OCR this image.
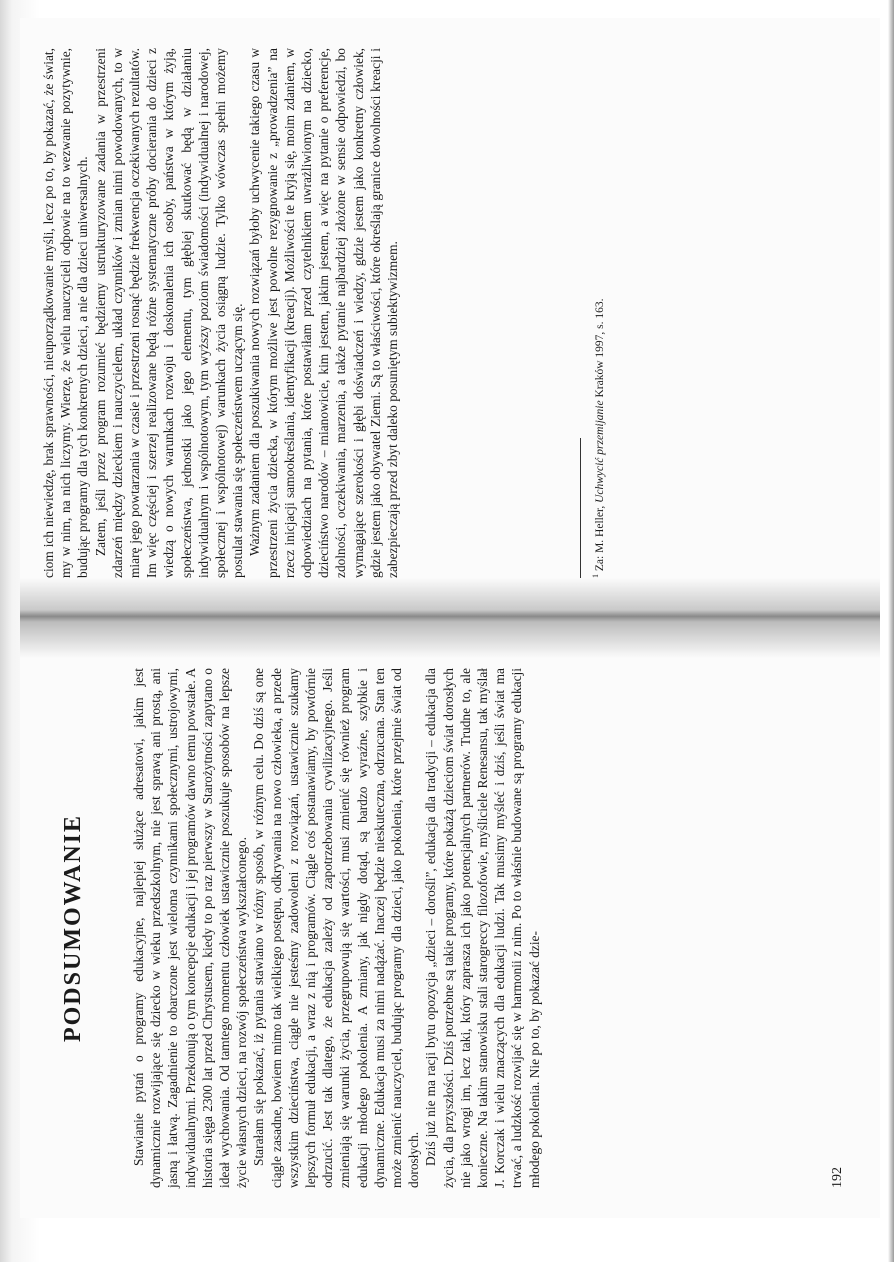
PODSUMOWANIE	Stawianie pytań o programy edukacyjne, najlepiej służące adresatowi, jakim jest dynamicznie rozwijające się dziecko w wieku przedszkolnym, nie jest sprawą ani prostą, ani jasną i łatwą. Zagadnienie to obarczone jest wieloma czynnikami społecznymi, ustrojowymi, indywidualnymi. Przekonują o tym koncepcje edukacji i jej programów dawno temu powstałe. A historia sięga 2300 lat przed Chrystusem, kiedy to po raz pierwszy w Starożytności zapytano o ideał wychowania. Od tamtego momentu człowiek ustawicznie poszukuje sposobów na lepsze życie własnych dzieci, na rozwój społeczeństwa wykształconego. Starałam się pokazać, iż pytania stawiano w różny sposób, w różnym celu. Do dziś są one ciągle zasadne, bowiem mimo tak wielkiego postępu, odkrywania na nowo człowieka, a przede wszystkim dzieciństwa, ciągle nie jesteśmy zadowoleni z rozwiązań, ustawicznie szukamy lepszych formuł edukacji, a wraz z nią i programów. Ciągle coś postanawiamy, by powtórnie odrzucić. Jest tak dlatego, że edukacja zależy od zapotrzebowania cywilizacyjnego. Jeśli zmieniają się warunki życia, przegrupowują się wartości, musi zmienić się również program edukacji młodego pokolenia. A zmiany, jak nigdy dotąd, są bardzo wyraźne, szybkie i dynamiczne. Edukacja musi za nimi nadążać. Inaczej będzie nieskuteczna, odrzucana. Stan ten może zmienić nauczyciel, budując programy dla dzieci, jako pokolenia, które przejmie świat od dorosłych. Dziś już nie ma racji bytu opozycja „dzieci – dorośli”, edukacja dla tradycji – edukacja dla życia, dla przyszłości. Dziś potrzebne są takie programy, które pokażą dzieciom świat dorosłych nie jako wrogi im, lecz taki, który zaprasza ich jako potencjalnych partnerów. Trudne to, ale konieczne. Na takim stanowisku stali starogreccy filozofowie, myśliciele Renesansu, tak myślał J. Korczak i wielu znaczących dla edukacji ludzi. Tak musimy myśleć i dziś, jeśli świat ma trwać, a ludzkość rozwijać się w harmonii z nim. Po to właśnie budowane są programy edukacji młodego pokolenia. Nie po to, by pokazać dzie-	192

ciom ich niewiedzę, brak sprawności, nieuporządkowanie myśli, lecz po to, by pokazać, że świat, my w nim, na nich liczymy. Wierzę, że wielu nauczycieli odpowie na to wezwanie pozytywnie, budując programy dla tych konkretnych dzieci, a nie dla dzieci uniwersalnych. Zatem, jeśli przez program rozumieć będziemy ustrukturyzowane zadania w przestrzeni zdarzeń między dzieckiem i nauczycielem, układ czynników i zmian nimi powodowanych, to w miarę jego powtarzania w czasie i przestrzeni rosnąć będzie frekwencja oczekiwanych rezultatów. Im więc częściej i szerzej realizowane będą różne systematyczne próby docierania do dzieci z wiedzą o nowych warunkach rozwoju i doskonalenia ich osoby, państwa w którym żyją, społeczeństwa, jednostki jako jego elementu, tym głębiej skutkować będą w działaniu indywidualnym i wspólnotowym, tym wyższy poziom świadomości (indywidualnej i narodowej, społecznej i wspólnotowej) warunkach życia osiągną ludzie. Tylko wówczas spełni możemy postulat stawania się społeczeństwem uczącym się. Ważnym zadaniem dla poszukiwania nowych rozwiązań byłoby uchwycenie takiego czasu w przestrzeni życia dziecka, w którym możliwe jest powolne rezygnowanie z „prowadzenia” na rzecz inicjacji samookreślania, identyfikacji (kreacji). Możliwości te kryją się, moim zdaniem, w odpowiedziach na pytania, które postawiłam przed czytelnikiem uwrażliwionym na dziecko, dzieciństwo narodów – mianowicie, kim jestem, jakim jestem, a więc na pytanie o preferencje, zdolności, oczekiwania, marzenia, a także pytanie najbardziej złożone w sensie odpowiedzi, bo wymagające szerokości i głębi doświadczeń i wiedzy, gdzie jestem jako konkretny człowiek, gdzie jestem jako obywatel Ziemi. Są to właściwości, które określają granice dowolności kreacji i zabezpieczają przed zbyt daleko posuniętym subiektywizmem.	$^1$ Za: M. Heller, Uchwycić przemijanie Kraków 1997, s. 163.
